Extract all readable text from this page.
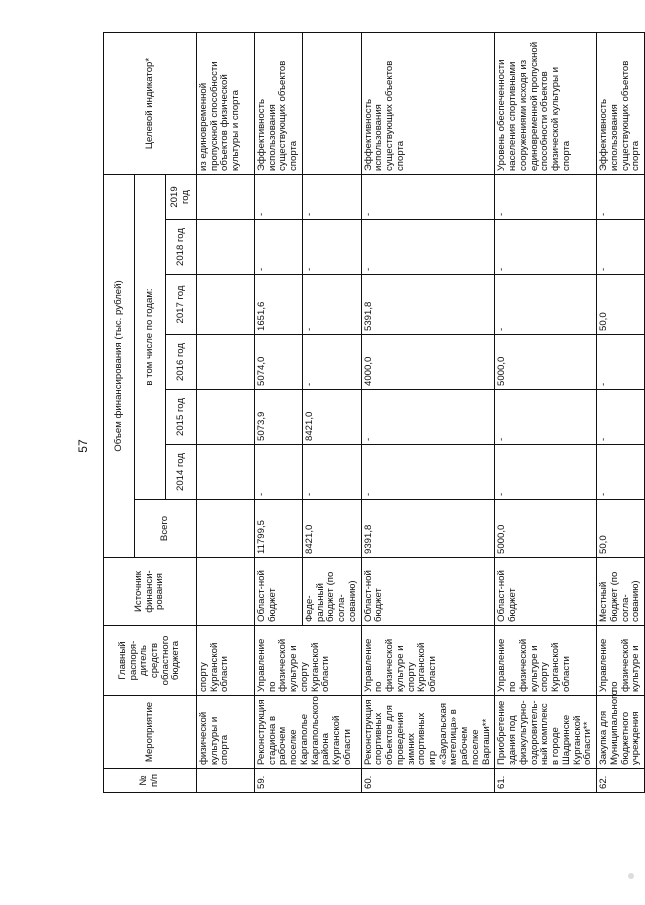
57
№ п/п	Мероприятие	Главный распоря-дитель средств областного бюджета	Источник финанси-рования	Объем финансирования (тыс. рублей)							Целевой индикатор*
				Всего	в том числе по годам:						
					2014 год	2015 год	2016 год	2017 год	2018 год	2019 год	
	физической культуры и спорта	спорту Курганской области									из единовременной пропускной способности объектов физической культуры и спорта
59.	Реконструкция стадиона в рабочем поселке Каргаполье Каргапольского района Курганской области	Управление по физической культуре и спорту Курганской области	Област-ной бюджет	11799,5	-	5073,9	5074,0	1651,6	-	-	Эффективность использования существующих объектов спорта
			Феде-ральный бюджет (по согла-сованию)	8421,0	-	8421,0	-	-	-	-	
60.	Реконструкция спортивных объектов для проведения зимних спортивных игр «Зауральская метелица» в рабочем поселке Варгаши**	Управление по физической культуре и спорту Курганской области	Област-ной бюджет	9391,8	-	-	4000,0	5391,8	-	-	Эффективность использования существующих объектов спорта
61.	Приобретение здания под физкультурно-оздоровитель-ный комплекс в городе Шадринске Курганской области**	Управление по физической культуре и спорту Курганской области	Област-ной бюджет	5000,0	-	-	5000,0	-	-	-	Уровень обеспеченности населения спортивными сооружениями исходя из единовременной пропускной способности объектов физической культуры и спорта
62.	Закупка для Муниципального бюджетного учреждения	Управление по физической культуре и	Местный бюджет (по согла-сованию)	50,0	-	-	-	50,0	-	-	Эффективность использования существующих объектов спорта
